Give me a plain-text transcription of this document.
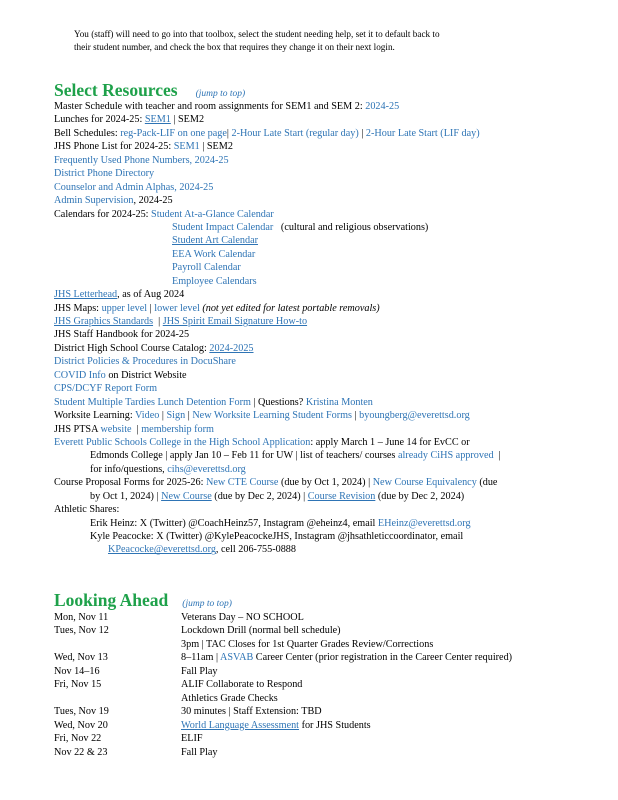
You (staff) will need to go into that toolbox, select the student needing help, set it to default back to
their student number, and check the box that requires they change it on their next login.
Select Resources (jump to top)
Master Schedule with teacher and room assignments for SEM1 and SEM 2: 2024-25
Lunches for 2024-25: SEM1 | SEM2
Bell Schedules: reg-Pack-LIF on one page| 2-Hour Late Start (regular day) | 2-Hour Late Start (LIF day)
JHS Phone List for 2024-25: SEM1 | SEM2
Frequently Used Phone Numbers, 2024-25
District Phone Directory
Counselor and Admin Alphas, 2024-25
Admin Supervision, 2024-25
Calendars for 2024-25: Student At-a-Glance Calendar
Student Impact Calendar (cultural and religious observations)
Student Art Calendar
EEA Work Calendar
Payroll Calendar
Employee Calendars
JHS Letterhead, as of Aug 2024
JHS Maps: upper level | lower level (not yet edited for latest portable removals)
JHS Graphics Standards  | JHS Spirit Email Signature How-to
JHS Staff Handbook for 2024-25
District High School Course Catalog: 2024-2025
District Policies & Procedures in DocuShare
COVID Info on District Website
CPS/DCYF Report Form
Student Multiple Tardies Lunch Detention Form | Questions? Kristina Monten
Worksite Learning: Video | Sign | New Worksite Learning Student Forms | byoungberg@everettsd.org
JHS PTSA website  | membership form
Everett Public Schools College in the High School Application: apply March 1 – June 14 for EvCC or
Edmonds College | apply Jan 10 – Feb 11 for UW | list of teachers/ courses already CiHS approved  |
for info/questions, cihs@everettsd.org
Course Proposal Forms for 2025-26: New CTE Course (due by Oct 1, 2024) | New Course Equivalency (due
by Oct 1, 2024) | New Course (due by Dec 2, 2024) | Course Revision (due by Dec 2, 2024)
Athletic Shares:
Erik Heinz: X (Twitter) @CoachHeinz57, Instagram @eheinz4, email EHeinz@everettsd.org
Kyle Peacocke: X (Twitter) @KylePeacockeJHS, Instagram @jhsathleticcoordinator, email
KPeacocke@everettsd.org, cell 206-755-0888
Looking Ahead (jump to top)
Mon, Nov 11	Veterans Day – NO SCHOOL
Tues, Nov 12	Lockdown Drill (normal bell schedule)
	3pm | TAC Closes for 1st Quarter Grades Review/Corrections
Wed, Nov 13	8–11am | ASVAB Career Center (prior registration in the Career Center required)
Nov 14–16	Fall Play
Fri, Nov 15	ALIF Collaborate to Respond
	Athletics Grade Checks
Tues, Nov 19	30 minutes | Staff Extension: TBD
Wed, Nov 20	World Language Assessment for JHS Students
Fri, Nov 22	ELIF
Nov 22 & 23	Fall Play
